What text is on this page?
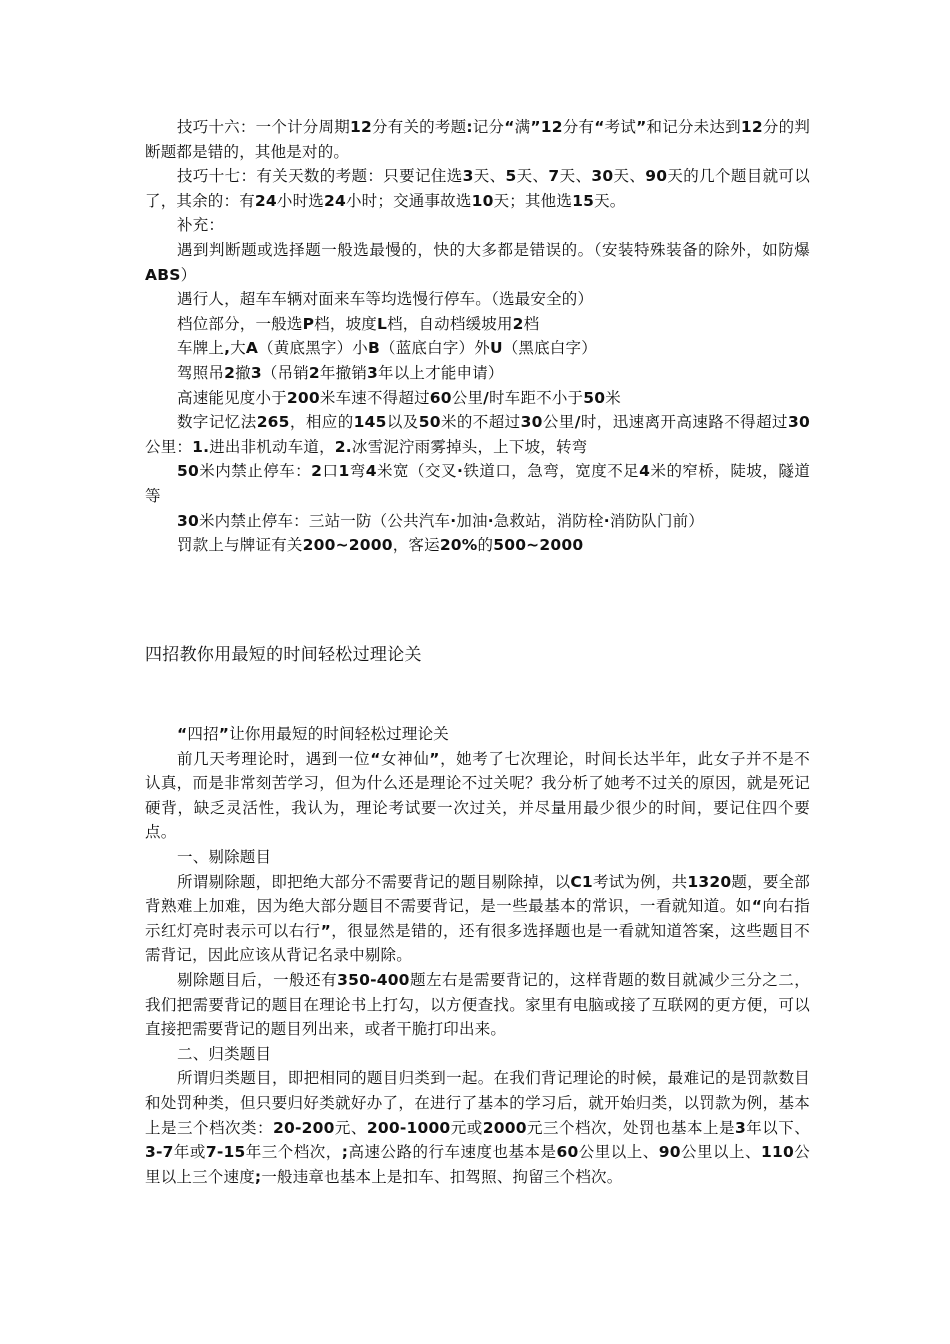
技巧十六：一个计分周期12分有关的考题:记分“满”12分有“考试”和记分未达到12分的判断题都是错的，其他是对的。

技巧十七：有关天数的考题：只要记住选3天、5天、7天、30天、90天的几个题目就可以了，其余的：有24小时选24小时；交通事故选10天；其他选15天。

补充：

遇到判断题或选择题一般选最慢的，快的大多都是错误的。（安装特殊装备的除外，如防爆ABS）

遇行人，超车车辆对面来车等均选慢行停车。（选最安全的）

档位部分，一般选P档，坡度L档，自动档缓坡用2档

车牌上,大A（黄底黑字）小B（蓝底白字）外U（黑底白字）

驾照吊2撤3（吊销2年撤销3年以上才能申请）

高速能见度小于200米车速不得超过60公里/时车距不小于50米

数字记忆法265，相应的145以及50米的不超过30公里/时，迅速离开高速路不得超过30公里：1.进出非机动车道，2.冰雪泥泞雨雾掉头，上下坡，转弯

50米内禁止停车：2口1弯4米宽（交叉·铁道口，急弯，宽度不足4米的窄桥，陡坡，隧道等

30米内禁止停车：三站一防（公共汽车·加油·急救站，消防栓·消防队门前）

罚款上与牌证有关200~2000，客运20%的500~2000

四招教你用最短的时间轻松过理论关

“四招”让你用最短的时间轻松过理论关

前几天考理论时，遇到一位“女神仙”，她考了七次理论，时间长达半年，此女子并不是不认真，而是非常刻苦学习，但为什么还是理论不过关呢？我分析了她考不过关的原因，就是死记硬背，缺乏灵活性，我认为，理论考试要一次过关，并尽量用最少很少的时间，要记住四个要点。

一、剔除题目

所谓剔除题，即把绝大部分不需要背记的题目剔除掉，以C1考试为例，共1320题，要全部背熟难上加难，因为绝大部分题目不需要背记，是一些最基本的常识，一看就知道。如“向右指示红灯亮时表示可以右行”，很显然是错的，还有很多选择题也是一看就知道答案，这些题目不需背记，因此应该从背记名录中剔除。

剔除题目后，一般还有350-400题左右是需要背记的，这样背题的数目就减少三分之二，我们把需要背记的题目在理论书上打勾，以方便查找。家里有电脑或接了互联网的更方便，可以直接把需要背记的题目列出来，或者干脆打印出来。

二、归类题目

所谓归类题目，即把相同的题目归类到一起。在我们背记理论的时候，最难记的是罚款数目和处罚种类，但只要归好类就好办了，在进行了基本的学习后，就开始归类，以罚款为例，基本上是三个档次类：20-200元、200-1000元或2000元三个档次，处罚也基本上是3年以下、3-7年或7-15年三个档次，;高速公路的行车速度也基本是60公里以上、90公里以上、110公里以上三个速度;一般违章也基本上是扣车、扣驾照、拘留三个档次。
